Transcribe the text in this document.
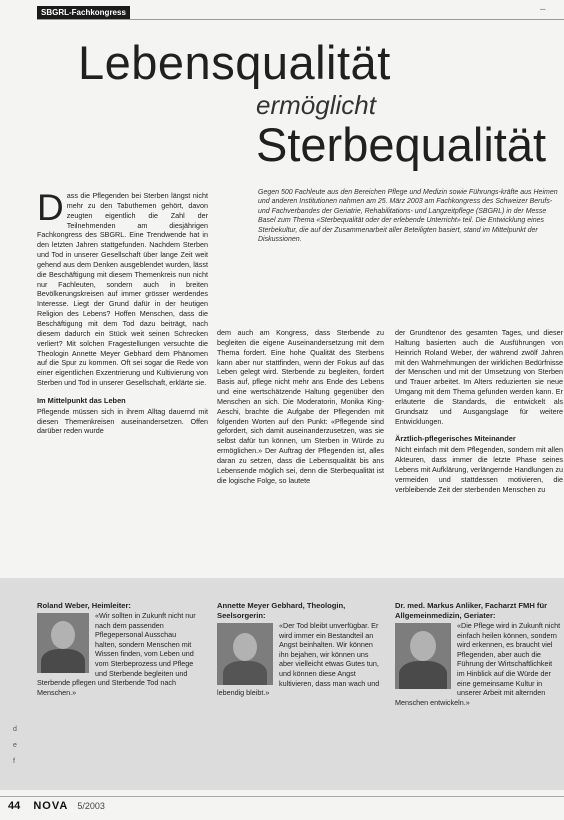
SBGRL-Fachkongress	–
Lebensqualität
ermöglicht
Sterbequalität
Gegen 500 Fachleute aus den Bereichen Pflege und Medizin sowie Führungs-kräfte aus Heimen und anderen Institutionen nahmen am 25. März 2003 am Fachkongress des Schweizer Berufs- und Fachverbandes der Geriatrie, Rehabilitations- und Langzeitpflege (SBGRL) in der Messe Basel zum Thema «Sterbequalität oder der erlebende Unterricht» teil. Die Entwicklung eines Sterbekultur, die auf der Zusammenarbeit aller Beteiligten basiert, stand im Mittelpunkt der Diskussionen.
D ass die Pflegenden bei Sterben längst nicht mehr zu den Tabuthemen gehört, davon zeugten eigentlich die Zahl der Teilnehmenden am diesjährigen Fachkongress des SBGRL. Eine Trendwende hat in den letzten Jahren stattgefunden. Nachdem Sterben und Tod in unserer Gesellschaft über lange Zeit weit gehend aus dem Denken ausgeblendet wurden, lässt die Beschäftigung mit diesem Themenkreis nun nicht nur Fachleuten, sondern auch in breiten Bevölkerungskreisen auf immer grösser werdendes Interesse. Liegt der Grund dafür in der heutigen Religion des Lebens? Hoffen Menschen, dass die Beschäftigung mit dem Tod dazu beiträgt, nach diesem dadurch ein Stück weit seinen Schrecken verliert? Mit solchen Fragestellungen versuchte die Theologin Annette Meyer Gebhard dem Phänomen auf die Spur zu kommen. Oft sei sogar die Rede von einer eigentlichen Exzentrierung und Kultivierung von Sterben und Tod in unserer Gesellschaft, erklärte sie.

Im Mittelpunkt das Leben

Pflegende müssen sich in ihrem Alltag dauernd mit diesen Themenkreisen auseinandersetzen. Offen darüber reden wurde

dem auch am Kongress, dass Sterbende zu begleiten die eigene Auseinandersetzung mit dem Thema fordert. Eine hohe Qualität des Sterbens kann aber nur stattfinden, wenn der Fokus auf das Leben gelegt wird. Sterbende zu begleiten, fordert Basis auf, pflege nicht mehr ans Ende des Lebens und eine wertschätzende Haltung gegenüber den Menschen an sich. Die Moderatorin, Monika King-Aeschi, brachte die Aufgabe der Pflegenden mit folgenden Worten auf den Punkt: «Pflegende sind gefordert, sich damit auseinanderzusetzen, was sie selbst dafür tun können, um Sterben in Würde zu ermöglichen.» Der Auftrag der Pflegenden ist, alles daran zu setzen, dass die Lebensqualität bis ans Lebensende möglich sei, denn die Sterbequalität ist die logische Folge, so lautete

der Grundtenor des gesamten Tages, und dieser Haltung basierten auch die Ausführungen von Heinrich Roland Weber, der während zwölf Jahren mit den Wahrnehmungen der wirklichen Bedürfnisse der Menschen und mit der Umsetzung von Sterben und Trauer arbeitet. Im Alters reduzierten sie neue Umgang mit dem Thema gefunden werden kann. Er erläuterte die Standards, die entwickelt als Grundsatz und Ausgangslage für weitere Entwicklungen.

Ärztlich-pflegerisches Miteinander

Nicht einfach mit dem Pflegenden, sondern mit allen Akteuren, dass immer die letzte Phase seines Lebens mit Aufklärung, verlängernde Handlungen zu vermeiden und stattdessen motivieren, die verbleibende Zeit der sterbenden Menschen zu

Roland Weber, Heimleiter:
«Wir sollten in Zukunft nicht nur nach dem passenden Pflegepersonal Ausschau halten, sondern Menschen mit Wissen finden, vom Leben und vom Sterbeprozess und Pflege und Sterbende begleiten und Sterbende pflegen und Sterbende Tod nach Menschen.»
Annette Meyer Gebhard, Theologin, Seelsorgerin:
«Der Tod bleibt unverfügbar. Er wird immer ein Bestandteil an Angst beinhalten. Wir können ihn bejahen, wir können uns aber vielleicht etwas Gutes tun, und können diese Angst kultivieren, dass man wach und lebendig bleibt.»
Dr. med. Markus Anliker, Facharzt FMH für Allgemeinmedizin, Geriater:
«Die Pflege wird in Zukunft nicht einfach heilen können, sondern wird erkennen, es braucht viel Pflegenden, aber auch die Führung der Wirtschaftlichkeit im Hinblick auf die Würde der eine gemeinsame Kultur in unserer Arbeit mit alternden Menschen entwickeln.»
d
e
f
44 NOVA 5/2003
